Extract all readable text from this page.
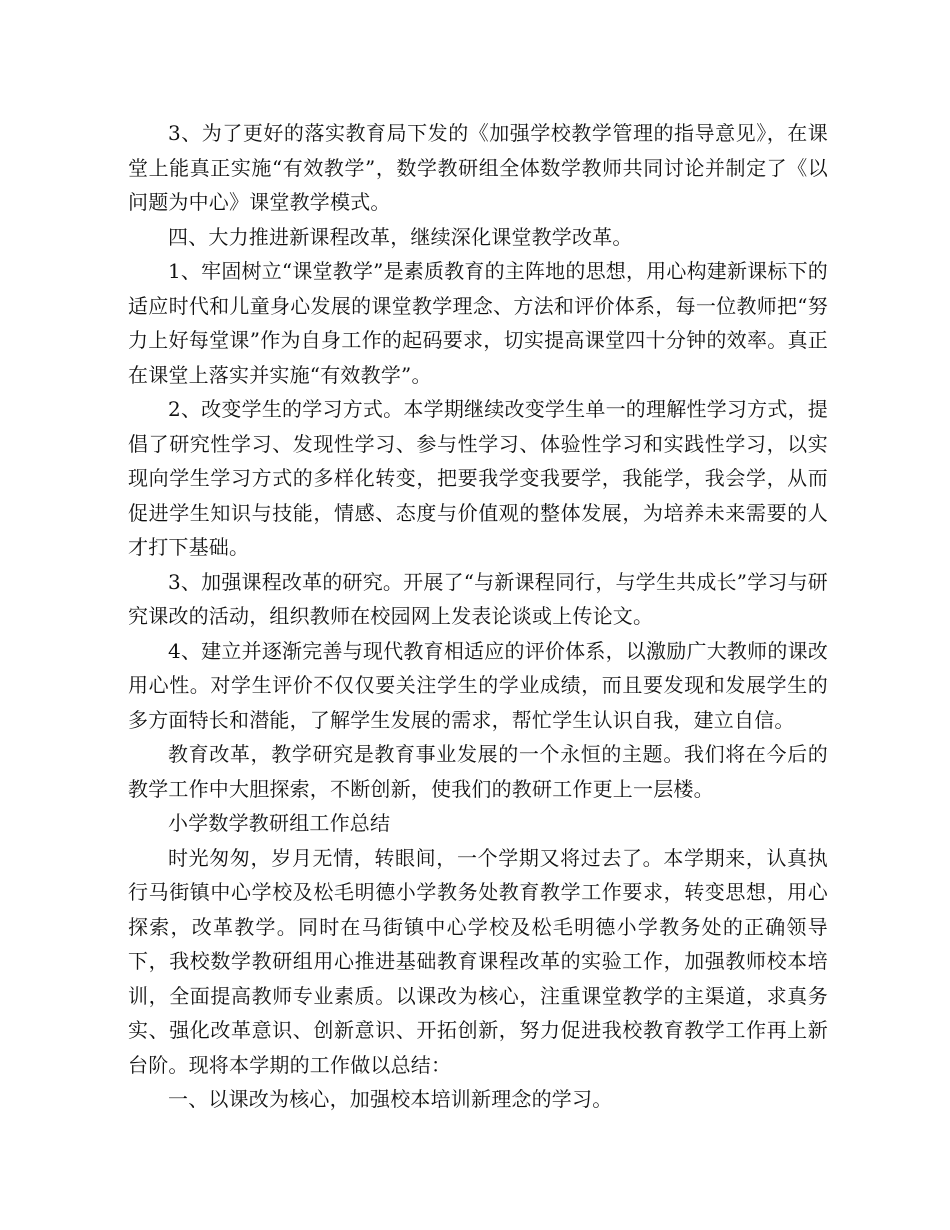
3、为了更好的落实教育局下发的《加强学校教学管理的指导意见》，在课堂上能真正实施“有效教学”，数学教研组全体数学教师共同讨论并制定了《以问题为中心》课堂教学模式。

四、大力推进新课程改革，继续深化课堂教学改革。

1、牢固树立“课堂教学”是素质教育的主阵地的思想，用心构建新课标下的适应时代和儿童身心发展的课堂教学理念、方法和评价体系，每一位教师把“努力上好每堂课”作为自身工作的起码要求，切实提高课堂四十分钟的效率。真正在课堂上落实并实施“有效教学”。

2、改变学生的学习方式。本学期继续改变学生单一的理解性学习方式，提倡了研究性学习、发现性学习、参与性学习、体验性学习和实践性学习，以实现向学生学习方式的多样化转变，把要我学变我要学，我能学，我会学，从而促进学生知识与技能，情感、态度与价值观的整体发展，为培养未来需要的人才打下基础。

3、加强课程改革的研究。开展了“与新课程同行，与学生共成长”学习与研究课改的活动，组织教师在校园网上发表论谈或上传论文。

4、建立并逐渐完善与现代教育相适应的评价体系，以激励广大教师的课改用心性。对学生评价不仅仅要关注学生的学业成绩，而且要发现和发展学生的多方面特长和潜能，了解学生发展的需求，帮忙学生认识自我，建立自信。

教育改革，教学研究是教育事业发展的一个永恒的主题。我们将在今后的教学工作中大胆探索，不断创新，使我们的教研工作更上一层楼。

小学数学教研组工作总结

时光匆匆，岁月无情，转眼间，一个学期又将过去了。本学期来，认真执行马街镇中心学校及松毛明德小学教务处教育教学工作要求，转变思想，用心探索，改革教学。同时在马街镇中心学校及松毛明德小学教务处的正确领导下，我校数学教研组用心推进基础教育课程改革的实验工作，加强教师校本培训，全面提高教师专业素质。以课改为核心，注重课堂教学的主渠道，求真务实、强化改革意识、创新意识、开拓创新，努力促进我校教育教学工作再上新台阶。现将本学期的工作做以总结：

一、以课改为核心，加强校本培训新理念的学习。
